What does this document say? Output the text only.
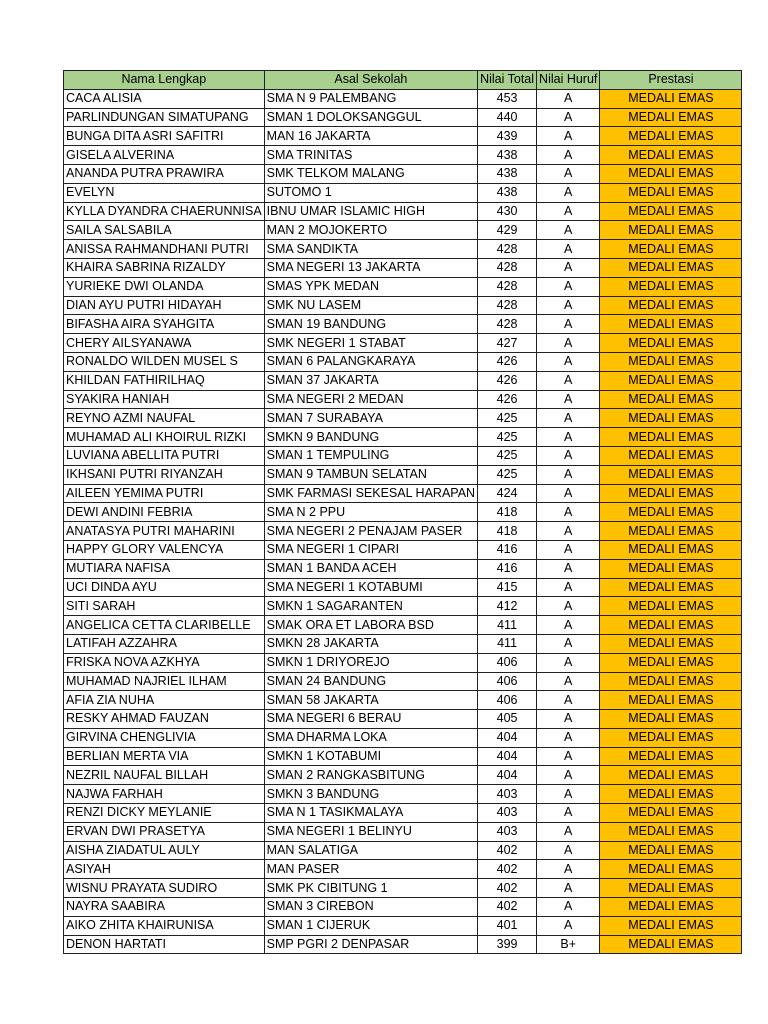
Nama Lengkap	Asal Sekolah	Nilai Total	Nilai Huruf	Prestasi
CACA ALISIA	SMA N 9 PALEMBANG	453	A	MEDALI EMAS
PARLINDUNGAN SIMATUPANG	SMAN 1 DOLOKSANGGUL	440	A	MEDALI EMAS
BUNGA DITA ASRI SAFITRI	MAN 16 JAKARTA	439	A	MEDALI EMAS
GISELA ALVERINA	SMA TRINITAS	438	A	MEDALI EMAS
ANANDA PUTRA PRAWIRA	SMK TELKOM MALANG	438	A	MEDALI EMAS
EVELYN	SUTOMO 1	438	A	MEDALI EMAS
KYLLA DYANDRA CHAERUNNISA	IBNU UMAR ISLAMIC HIGH	430	A	MEDALI EMAS
SAILA SALSABILA	MAN 2 MOJOKERTO	429	A	MEDALI EMAS
ANISSA RAHMANDHANI PUTRI	SMA SANDIKTA	428	A	MEDALI EMAS
KHAIRA SABRINA RIZALDY	SMA NEGERI 13 JAKARTA	428	A	MEDALI EMAS
YURIEKE DWI OLANDA	SMAS YPK MEDAN	428	A	MEDALI EMAS
DIAN AYU PUTRI HIDAYAH	SMK NU LASEM	428	A	MEDALI EMAS
BIFASHA AIRA SYAHGITA	SMAN 19 BANDUNG	428	A	MEDALI EMAS
CHERY AILSYANAWA	SMK NEGERI 1 STABAT	427	A	MEDALI EMAS
RONALDO WILDEN MUSEL S	SMAN 6 PALANGKARAYA	426	A	MEDALI EMAS
KHILDAN FATHIRILHAQ	SMAN 37 JAKARTA	426	A	MEDALI EMAS
SYAKIRA HANIAH	SMA NEGERI 2 MEDAN	426	A	MEDALI EMAS
REYNO AZMI NAUFAL	SMAN 7 SURABAYA	425	A	MEDALI EMAS
MUHAMAD ALI KHOIRUL RIZKI	SMKN 9 BANDUNG	425	A	MEDALI EMAS
LUVIANA ABELLITA PUTRI	SMAN 1 TEMPULING	425	A	MEDALI EMAS
IKHSANI PUTRI RIYANZAH	SMAN 9 TAMBUN SELATAN	425	A	MEDALI EMAS
AILEEN YEMIMA PUTRI	SMK FARMASI SEKESAL HARAPAN	424	A	MEDALI EMAS
DEWI ANDINI FEBRIA	SMA N 2 PPU	418	A	MEDALI EMAS
ANATASYA PUTRI MAHARINI	SMA NEGERI 2 PENAJAM PASER	418	A	MEDALI EMAS
HAPPY GLORY VALENCYA	SMA NEGERI 1 CIPARI	416	A	MEDALI EMAS
MUTIARA NAFISA	SMAN 1 BANDA ACEH	416	A	MEDALI EMAS
UCI DINDA AYU	SMA NEGERI 1 KOTABUMI	415	A	MEDALI EMAS
SITI SARAH	SMKN 1 SAGARANTEN	412	A	MEDALI EMAS
ANGELICA CETTA CLARIBELLE	SMAK ORA ET LABORA BSD	411	A	MEDALI EMAS
LATIFAH AZZAHRA	SMKN 28 JAKARTA	411	A	MEDALI EMAS
FRISKA NOVA AZKHYA	SMKN 1 DRIYOREJO	406	A	MEDALI EMAS
MUHAMAD NAJRIEL ILHAM	SMAN 24 BANDUNG	406	A	MEDALI EMAS
AFIA ZIA NUHA	SMAN 58 JAKARTA	406	A	MEDALI EMAS
RESKY AHMAD FAUZAN	SMA NEGERI 6 BERAU	405	A	MEDALI EMAS
GIRVINA CHENGLIVIA	SMA DHARMA LOKA	404	A	MEDALI EMAS
BERLIAN MERTA VIA	SMKN 1 KOTABUMI	404	A	MEDALI EMAS
NEZRIL NAUFAL BILLAH	SMAN 2 RANGKASBITUNG	404	A	MEDALI EMAS
NAJWA FARHAH	SMKN 3 BANDUNG	403	A	MEDALI EMAS
RENZI DICKY MEYLANIE	SMA N 1 TASIKMALAYA	403	A	MEDALI EMAS
ERVAN DWI PRASETYA	SMA NEGERI 1 BELINYU	403	A	MEDALI EMAS
AISHA ZIADATUL AULY	MAN SALATIGA	402	A	MEDALI EMAS
ASIYAH	MAN PASER	402	A	MEDALI EMAS
WISNU PRAYATA SUDIRO	SMK PK CIBITUNG 1	402	A	MEDALI EMAS
NAYRA SAABIRA	SMAN 3 CIREBON	402	A	MEDALI EMAS
AIKO ZHITA KHAIRUNISA	SMAN 1 CIJERUK	401	A	MEDALI EMAS
DENON HARTATI	SMP PGRI 2 DENPASAR	399	B+	MEDALI EMAS
